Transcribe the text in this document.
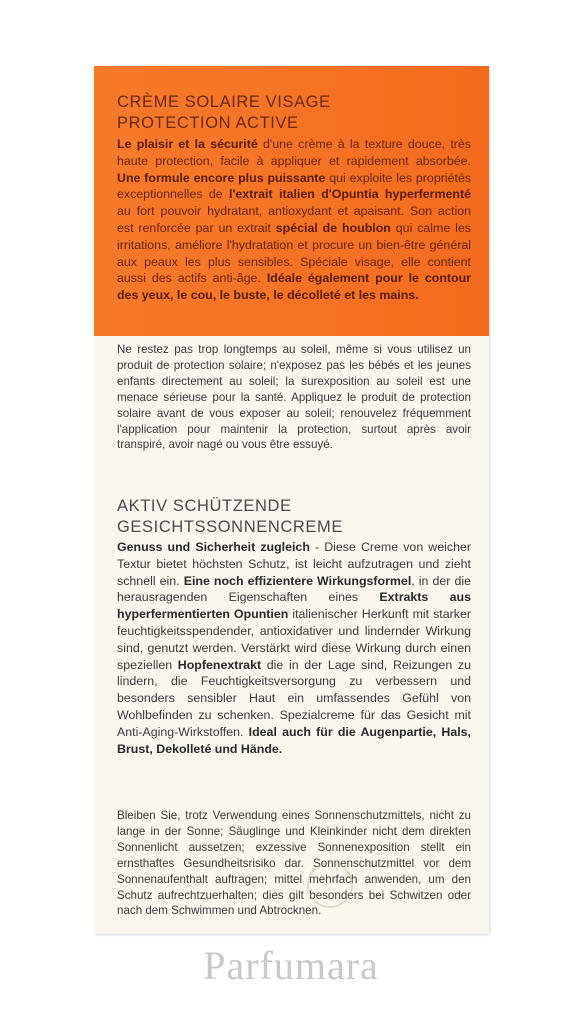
CRÈME SOLAIRE VISAGE
PROTECTION ACTIVE
Le plaisir et la sécurité d'une crème à la texture douce, très haute protection, facile à appliquer et rapidement absorbée. Une formule encore plus puissante qui exploite les propriétés exceptionnelles de l'extrait italien d'Opuntia hyperfermenté au fort pouvoir hydratant, antioxydant et apaisant. Son action est renforcée par un extrait spécial de houblon qui calme les irritations, améliore l'hydratation et procure un bien-être général aux peaux les plus sensibles. Spéciale visage, elle contient aussi des actifs anti-âge. Idéale également pour le contour des yeux, le cou, le buste, le décolleté et les mains.
Ne restez pas trop longtemps au soleil, même si vous utilisez un produit de protection solaire; n'exposez pas les bébés et les jeunes enfants directement au soleil; la surexposition au soleil est une menace sérieuse pour la santé. Appliquez le produit de protection solaire avant de vous exposer au soleil; renouvelez fréquemment l'application pour maintenir la protection, surtout après avoir transpiré, avoir nagé ou vous être essuyé.
AKTIV SCHÜTZENDE
GESICHTSSONNENCREME
Genuss und Sicherheit zugleich - Diese Creme von weicher Textur bietet höchsten Schutz, ist leicht aufzutragen und zieht schnell ein. Eine noch effizientere Wirkungsformel, in der die herausragenden Eigenschaften eines Extrakts aus hyperfermentierten Opuntien italienischer Herkunft mit starker feuchtigkeitsspendender, antioxidativer und lindernder Wirkung sind, genutzt werden. Verstärkt wird diese Wirkung durch einen speziellen Hopfenextrakt die in der Lage sind, Reizungen zu lindern, die Feuchtigkeitsversorgung zu verbessern und besonders sensibler Haut ein umfassendes Gefühl von Wohlbefinden zu schenken. Spezialcreme für das Gesicht mit Anti-Aging-Wirkstoffen. Ideal auch für die Augenpartie, Hals, Brust, Dekolleté und Hände.
Bleiben Sie, trotz Verwendung eines Sonnenschutzmittels, nicht zu lange in der Sonne; Säuglinge und Kleinkinder nicht dem direkten Sonnenlicht aussetzen; exzessive Sonnenexposition stellt ein ernsthaftes Gesundheitsrisiko dar. Sonnenschutzmittel vor dem Sonnenaufenthalt auftragen; mittel mehrfach anwenden, um den Schutz aufrechtzuerhalten; dies gilt besonders bei Schwitzen oder nach dem Schwimmen und Abtrocknen.
Parfumara
